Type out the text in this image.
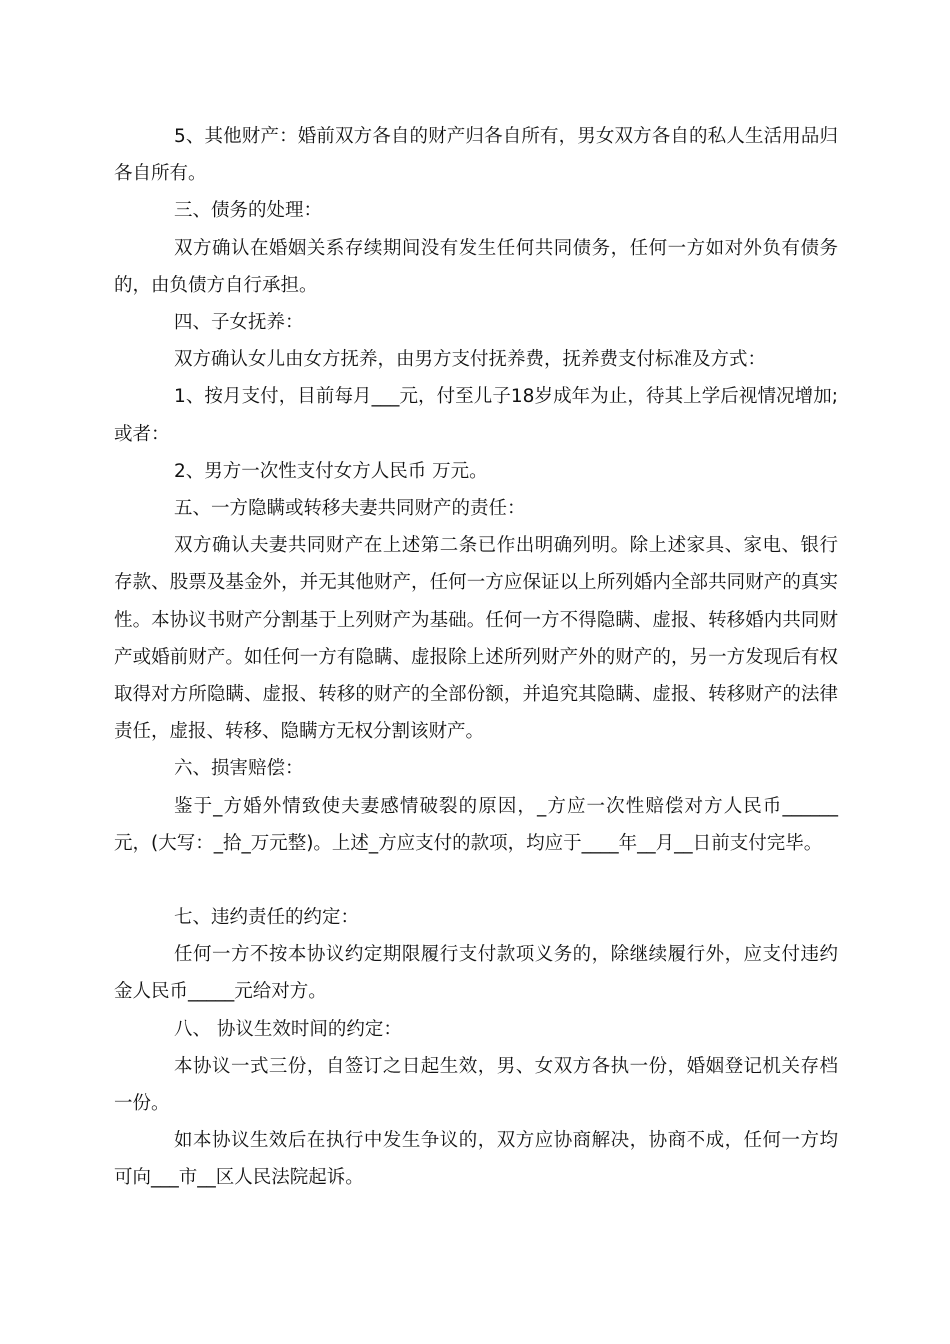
5、其他财产：婚前双方各自的财产归各自所有，男女双方各自的私人生活用品归各自所有。

三、债务的处理：

双方确认在婚姻关系存续期间没有发生任何共同债务，任何一方如对外负有债务的，由负债方自行承担。

四、子女抚养：

双方确认女儿由女方抚养，由男方支付抚养费，抚养费支付标准及方式：

1、按月支付，目前每月___元，付至儿子18岁成年为止，待其上学后视情况增加;或者：

2、男方一次性支付女方人民币 万元。

五、一方隐瞒或转移夫妻共同财产的责任：

双方确认夫妻共同财产在上述第二条已作出明确列明。除上述家具、家电、银行存款、股票及基金外，并无其他财产，任何一方应保证以上所列婚内全部共同财产的真实性。本协议书财产分割基于上列财产为基础。任何一方不得隐瞒、虚报、转移婚内共同财产或婚前财产。如任何一方有隐瞒、虚报除上述所列财产外的财产的，另一方发现后有权取得对方所隐瞒、虚报、转移的财产的全部份额，并追究其隐瞒、虚报、转移财产的法律责任，虚报、转移、隐瞒方无权分割该财产。

六、损害赔偿：

鉴于_方婚外情致使夫妻感情破裂的原因，_方应一次性赔偿对方人民币______元，(大写：_拾_万元整)。上述_方应支付的款项，均应于____年__月__日前支付完毕。

七、违约责任的约定：

任何一方不按本协议约定期限履行支付款项义务的，除继续履行外，应支付违约金人民币_____元给对方。

八、 协议生效时间的约定：

本协议一式三份，自签订之日起生效，男、女双方各执一份，婚姻登记机关存档一份。

如本协议生效后在执行中发生争议的，双方应协商解决，协商不成，任何一方均可向___市__区人民法院起诉。
